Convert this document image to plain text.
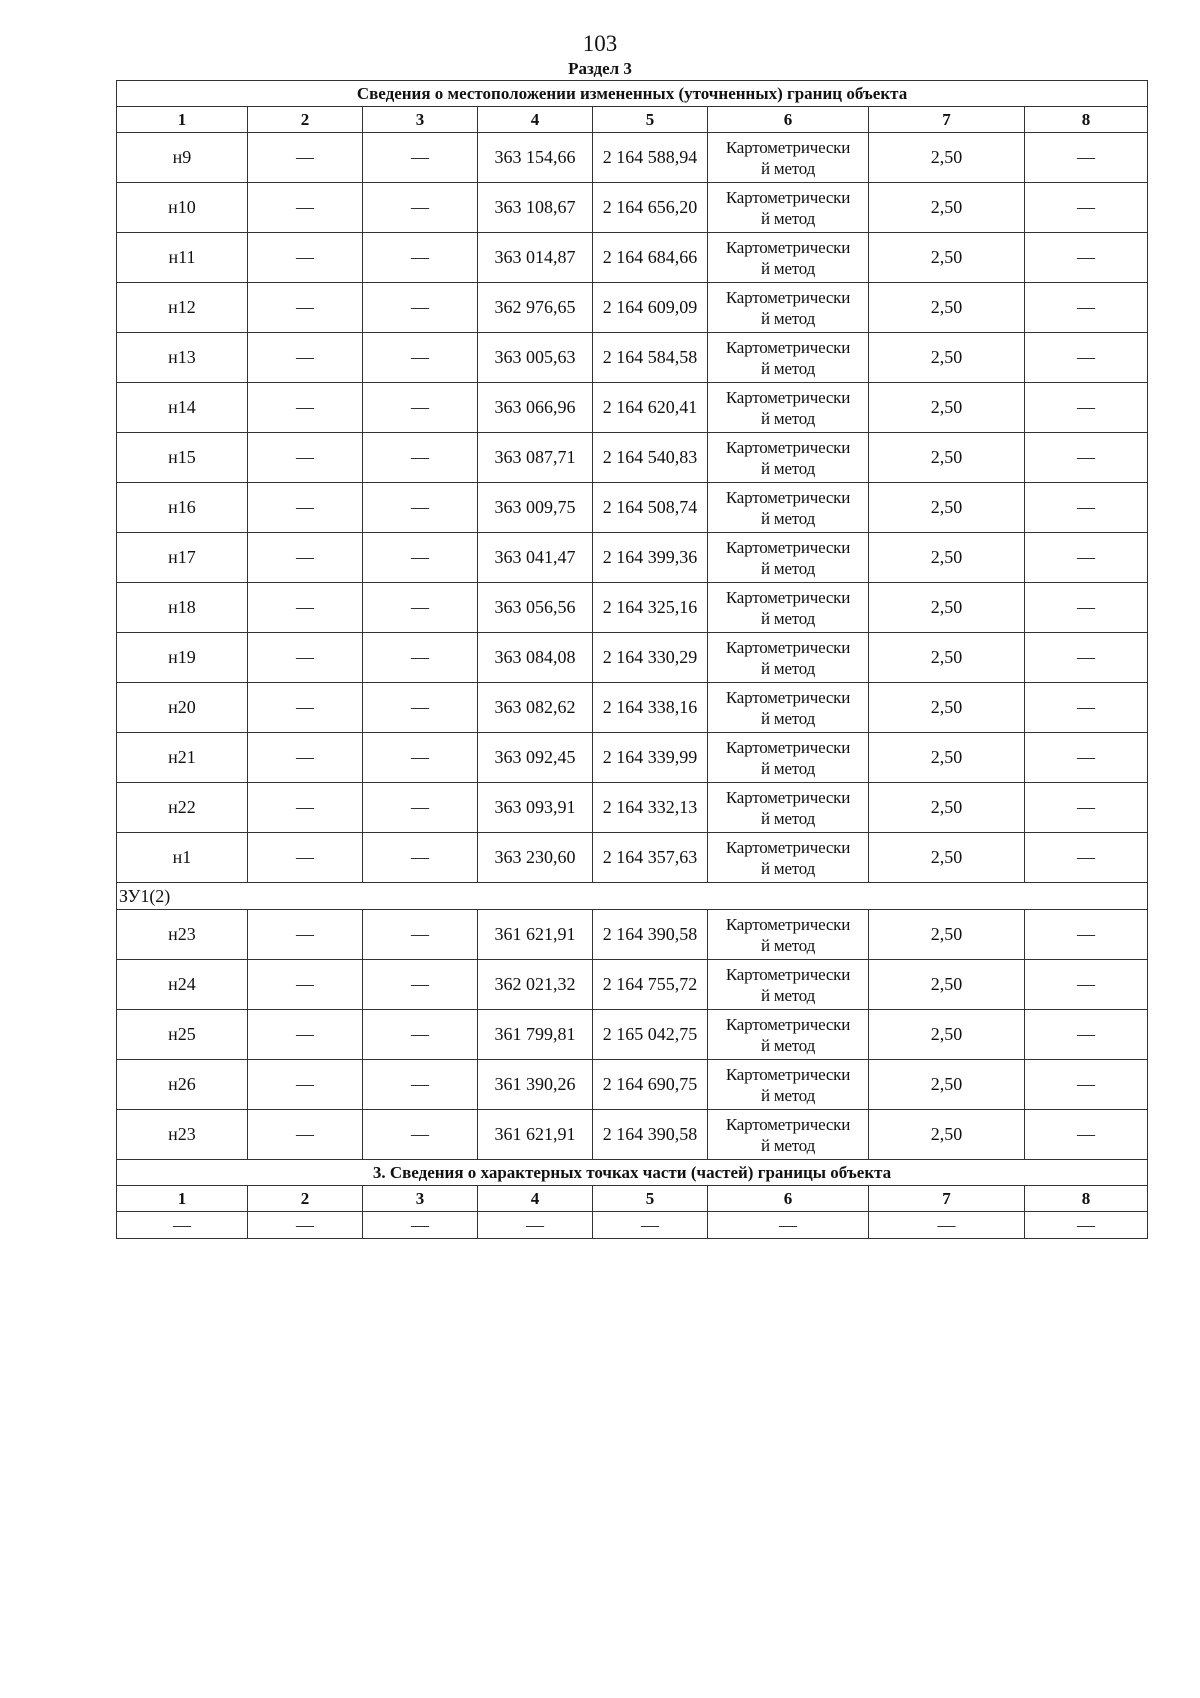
103
Раздел 3
Сведения о местоположении измененных (уточненных) границ объекта							
1	2	3	4	5	6	7	8
н9	—	—	363 154,66	2 164 588,94	Картометрически
й метод	2,50	—
н10	—	—	363 108,67	2 164 656,20	Картометрически
й метод	2,50	—
н11	—	—	363 014,87	2 164 684,66	Картометрически
й метод	2,50	—
н12	—	—	362 976,65	2 164 609,09	Картометрически
й метод	2,50	—
н13	—	—	363 005,63	2 164 584,58	Картометрически
й метод	2,50	—
н14	—	—	363 066,96	2 164 620,41	Картометрически
й метод	2,50	—
н15	—	—	363 087,71	2 164 540,83	Картометрически
й метод	2,50	—
н16	—	—	363 009,75	2 164 508,74	Картометрически
й метод	2,50	—
н17	—	—	363 041,47	2 164 399,36	Картометрически
й метод	2,50	—
н18	—	—	363 056,56	2 164 325,16	Картометрически
й метод	2,50	—
н19	—	—	363 084,08	2 164 330,29	Картометрически
й метод	2,50	—
н20	—	—	363 082,62	2 164 338,16	Картометрически
й метод	2,50	—
н21	—	—	363 092,45	2 164 339,99	Картометрически
й метод	2,50	—
н22	—	—	363 093,91	2 164 332,13	Картометрически
й метод	2,50	—
н1	—	—	363 230,60	2 164 357,63	Картометрически
й метод	2,50	—
ЗУ1(2)							
н23	—	—	361 621,91	2 164 390,58	Картометрически
й метод	2,50	—
н24	—	—	362 021,32	2 164 755,72	Картометрически
й метод	2,50	—
н25	—	—	361 799,81	2 165 042,75	Картометрически
й метод	2,50	—
н26	—	—	361 390,26	2 164 690,75	Картометрически
й метод	2,50	—
н23	—	—	361 621,91	2 164 390,58	Картометрически
й метод	2,50	—
3. Сведения о характерных точках части (частей) границы объекта							
1	2	3	4	5	6	7	8
—	—	—	—	—	—	—	—
